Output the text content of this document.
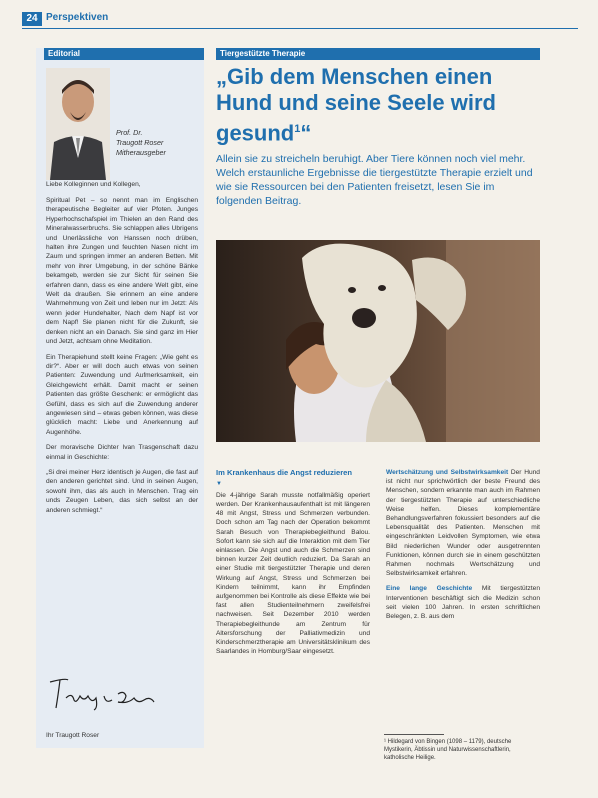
24 Perspektiven
Editorial
Prof. Dr.
Traugott Roser
Mitherausgeber

Liebe Kolleginnen und Kollegen,

Spiritual Pet – so nennt man im Englischen therapeutische Begleiter auf vier Pfoten. Junges Hyperhochschafspiel im Thielen an den Rand des Mineralwasserbruchs. Sie schlappen alles Ubrigens und Unerlässliche von Hanssen noch drüben, halten ihre Zungen und feuchten Nasen nicht im Zaum und springen immer an anderen Betten. Mit mehr von ihrer Umgebung, in der schöne Bänke bekamgeb, werden sie zur Sicht für seinen Sie erfahren dann, dass es eine andere Welt gibt, eine Welt da draußen. Sie erinnern an eine andere Wahrnehmung von Zeit und leben nur im Jetzt: Als wenn jeder Hundehalter, Nach dem Napf ist vor dem Napf! Sie planen nicht für die Zukunft, sie denken nicht an ein Danach. Sie sind ganz im Hier und Jetzt, achtsam ohne Meditation.

Ein Therapiehund stellt keine Fragen: „Wie geht es dir?“. Aber er will doch auch etwas von seinen Patienten: Zuwendung und Aufmerksamkeit, ein Gleichgewicht erhält. Damit macht er seinen Patienten das größte Geschenk: er ermöglicht das Gefühl, dass es sich auf die Zuwendung anderer angewiesen sind – etwas geben können, was diese glücklich macht: Liebe und Anerkennung auf Augenhöhe.

Der moravische Dichter Ivan Trasgenschaft dazu einmal in Geschichte:

„Si drei meiner Herz identisch je Augen, die fast auf den anderen gerichtet sind. Und in seinen Augen, sowohl ihm, das als auch in Menschen. Trag ein unds Zeugen Leben, das sich selbst an der anderen schmiegt.“

Ihr Traugott Roser
Tiergestützte Therapie
„Gib dem Menschen einen Hund und seine Seele wird gesund$^1$“

Allein sie zu streicheln beruhigt. Aber Tiere können noch viel mehr. Welch erstaunliche Ergebnisse die tiergestützte Therapie erzielt und wie sie Ressourcen bei den Patienten freisetzt, lesen Sie im folgenden Beitrag.

Im Krankenhaus die Angst reduzieren
▼

Die 4-jährige Sarah musste notfallmäßig operiert werden. Der Krankenhausaufenthalt ist mit längeren 48 mit Angst, Stress und Schmerzen verbunden. Doch schon am Tag nach der Operation bekommt Sarah Besuch von Therapiebegleithund Balou. Sofort kann sie sich auf die Interaktion mit dem Tier einlassen. Die Angst und auch die Schmerzen sind binnen kurzer Zeit deutlich reduziert. Da Sarah an einer Studie mit tiergestützter Therapie und deren Wirkung auf Angst, Stress und Schmerzen bei Kindern teilnimmt, kann ihr Empfinden aufgenommen bei Kontrolle als diese Effekte wie bei fast allen Studienteilnehmern zweifelsfrei nachweisen. Seit Dezember 2010 werden Therapiebegleithunde am Zentrum für Altersforschung der Palliativmedizin und Kinderschmerztherapie am Universitätsklinikum des Saarlandes in Homburg/Saar eingesetzt.

Wertschätzung und Selbstwirksamkeit Der Hund ist nicht nur sprichwörtlich der beste Freund des Menschen, sondern erkannte man auch im Rahmen der tiergestützten Therapie auf unterschiedliche Weise helfen. Dieses komplementäre Behandlungsverfahren fokussiert besonders auf die Lebensqualität des Patienten. Menschen mit eingeschränkten Leidvollen Symptomen, wie etwa Bild niederlichen Wunder oder ausgetrennten Funktionen, können durch sie in einem geschützten Rahmen nochmals Wertschätzung und Selbstwirksamkeit erfahren.

Eine lange Geschichte Mit tiergestützten Interventionen beschäftigt sich die Medizin schon seit vielen 100 Jahren. In ersten schriftlichen Belegen, z. B. aus dem

¹ Hildegard von Bingen (1098 – 1179), deutsche Mystikerin, Äbtissin und Naturwissenschaftlerin, katholische Heilige.
